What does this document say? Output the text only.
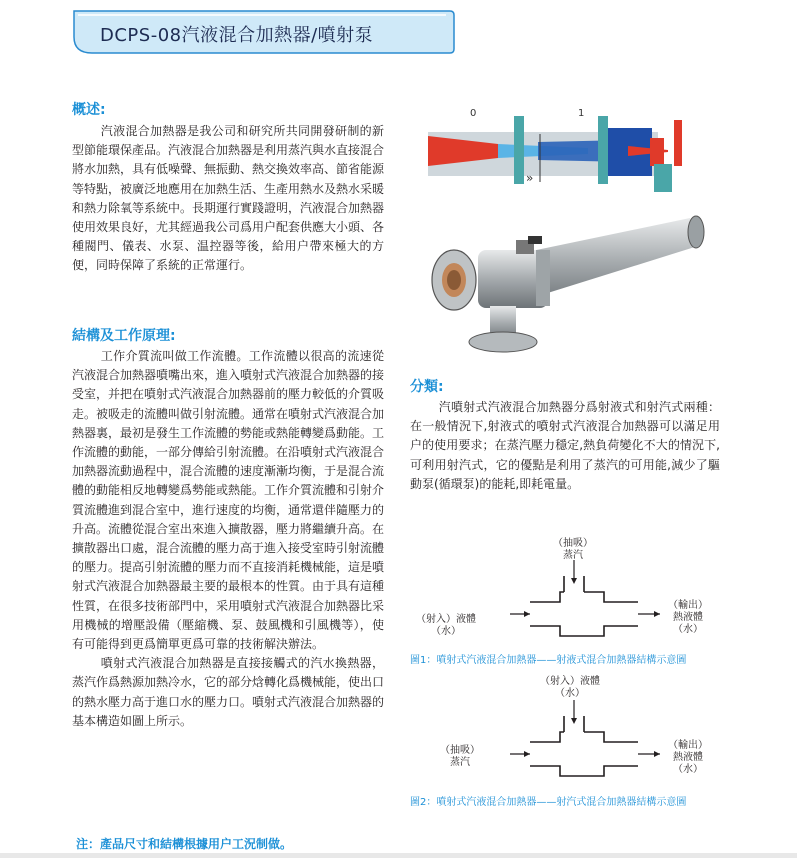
DCPS-08汽液混合加熱器/噴射泵
概述:

汽液混合加熱器是我公司和研究所共同開發研制的新型節能環保產品。汽液混合加熱器是利用蒸汽與水直接混合將水加熱，具有低噪聲、無振動、熱交換效率高、節省能源等特點，被廣泛地應用在加熱生活、生產用熱水及熱水采暖和熱力除氧等系統中。長期運行實踐證明，汽液混合加熱器使用效果良好，尤其經過我公司爲用户配套供應大小頭、各種閥門、儀表、水泵、温控器等後，給用户帶來極大的方便，同時保障了系統的正常運行。

結構及工作原理:

工作介質流叫做工作流體。工作流體以很高的流速從汽液混合加熱器噴嘴出來，進入噴射式汽液混合加熱器的接受室，并把在噴射式汽液混合加熱器前的壓力較低的介質吸走。被吸走的流體叫做引射流體。通常在噴射式汽液混合加熱器裏，最初是發生工作流體的勢能或熱能轉變爲動能。工作流體的動能，一部分傳給引射流體。在沿噴射式汽液混合加熱器流動過程中，混合流體的速度漸漸均衡，于是混合流體的動能相反地轉變爲勢能或熱能。工作介質流體和引射介質流體進到混合室中，進行速度的均衡，通常還伴隨壓力的升高。流體從混合室出來進入擴散器，壓力將繼續升高。在擴散器出口處，混合流體的壓力高于進入接受室時引射流體的壓力。提高引射流體的壓力而不直接消耗機械能，這是噴射式汽液混合加熱器最主要的最根本的性質。由于具有這種性質，在很多技術部門中，采用噴射式汽液混合加熱器比采用機械的增壓設備（壓縮機、泵、鼓風機和引風機等），使有可能得到更爲簡單更爲可靠的技術解決辦法。

噴射式汽液混合加熱器是直接接觸式的汽水換熱器，蒸汽作爲熱源加熱冷水，它的部分焓轉化爲機械能，使出口的熱水壓力高于進口水的壓力口。噴射式汽液混合加熱器的基本構造如圖上所示。

1
0
»
分類:

汽噴射式汽液混合加熱器分爲射液式和射汽式兩種：在一般情況下,射液式的噴射式汽液混合加熱器可以滿足用户的使用要求；在蒸汽壓力穩定,熱負荷變化不大的情況下,可利用射汽式，它的優點是利用了蒸汽的可用能,減少了驅動泵(循環泵)的能耗,即耗電量。

（抽吸）
蒸汽
（射入）液體
（水）
（輸出）
熱液體
（水）
圖1：噴射式汽液混合加熱器——射液式混合加熱器結構示意圖
（射入）液體
（水）
（抽吸）
蒸汽
（輸出）
熱液體
（水）
圖2：噴射式汽液混合加熱器——射汽式混合加熱器結構示意圖
注：產品尺寸和結構根據用户工況制做。
